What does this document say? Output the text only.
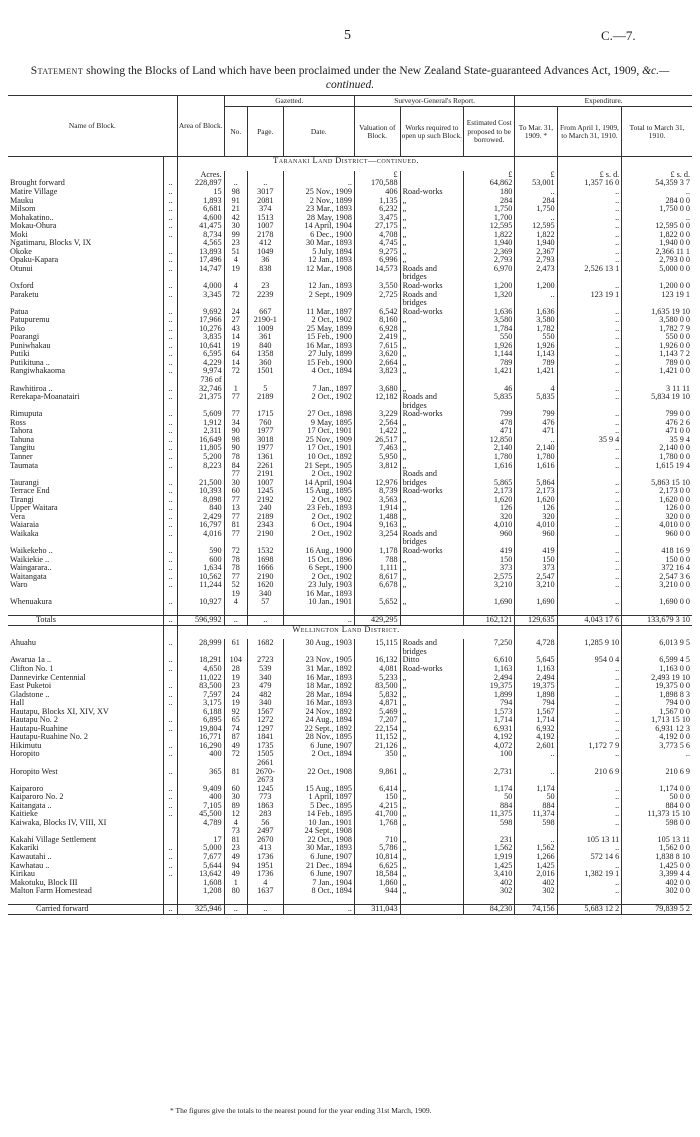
5	C.—7.
Statement showing the Blocks of Land which have been proclaimed under the New Zealand State-guaranteed Advances Act, 1909, &c.—continued.
Name of Block.		Area of Block.	Gazetted.			Surveyor-General's Report.			Expenditure.		
			No.	Page.	Date.	Valuation of Block.	Works required to open up such Block.	Estimated Cost proposed to be borrowed.	To Mar. 31, 1909. *	From April 1, 1909, to March 31, 1910.	Total to March 31, 1910.
		Taranaki Land District—continued.									
		Acres.				£		£	£	£ s. d.	£ s. d.
Brought forward	..	228,897	..	..	..	170,588		64,862	53,001	1,357 16 0	54,359 3 7
Matire Village	..	15	98	3017	25 Nov., 1909	406	Road-works	180	..	..	..
Mauku	..	1,893	91	2081	2 Nov., 1899	1,135	„	284	284	..	284 0 0
Milsom	..	6,681	21	374	23 Mar., 1893	6,232	„	1,750	1,750	..	1,750 0 0
Mohakatino..	..	4,600	42	1513	28 May, 1908	3,475	„	1,700	..	..	..
Mokau-Ohura	..	41,475	30	1007	14 April, 1904	27,175	„	12,595	12,595	..	12,595 0 0
Moki	..	8,734	99	2178	6 Dec., 1900	4,708	„	1,822	1,822	..	1,822 0 0
Ngatimaru, Blocks V, IX		4,565	23	412	30 Mar., 1893	4,745	„	1,940	1,940	..	1,940 0 0
Okoke	..	13,893	51	1049	5 July, 1894	9,275	„	2,369	2,367	..	2,366 11 1
Opaku-Kapara	..	17,496	4	36	12 Jan., 1893	6,996	„	2,793	2,793	..	2,793 0 0
Otunui	..	14,747	19	838	12 Mar., 1908	14,573	Roads and	6,970	2,473	2,526 13 1	5,000 0 0
							bridges				
Oxford	..	4,000	4	23	12 Jan., 1893	3,550	Road-works	1,200	1,200	..	1,200 0 0
Paraketu	..	3,345	72	2239	2 Sept., 1909	2,725	Roads and	1,320	..	123 19 1	123 19 1
							bridges				
Patua	..	9,692	24	667	11 Mar., 1897	6,542	Road-works	1,636	1,636	..	1,635 19 10
Patupuremu	..	17,966	27	2190-1	2 Oct., 1902	8,160	„	3,580	3,580	..	3,580 0 0
Piko	..	10,276	43	1009	25 May, 1899	6,928	„	1,784	1,782	..	1,782 7 9
Poarangi	..	3,835	14	361	15 Feb., 1900	2,419	„	550	550	..	550 0 0
Puniwhakau	..	10,641	19	840	16 Mar., 1893	7,615	„	1,926	1,926	..	1,926 0 0
Putiki	..	6,595	64	1358	27 July, 1899	3,620	„	1,144	1,143	..	1,143 7 2
Putikituna ..	..	4,229	14	360	15 Feb., 1900	2,664	„	789	789	..	789 0 0
Rangiwhakaoma	..	9,974	72	1501	4 Oct., 1894	3,823	„	1,421	1,421	..	1,421 0 0
		736 of									
Rawhitiroa ..	..	32,746	1	5	7 Jan., 1897	3,680	„	46	4	..	3 11 11
Rerekapa-Moanatairi	..	21,375	77	2189	2 Oct., 1902	12,182	Roads and	5,835	5,835	..	5,834 19 10
							bridges				
Rimuputa	..	5,609	77	1715	27 Oct., 1898	3,229	Road-works	799	799	..	799 0 0
Ross	..	1,912	34	760	9 May, 1895	2,564	„	478	476	..	476 2 6
Tahora	..	2,311	90	1977	17 Oct., 1901	1,422	„	471	471	..	471 0 0
Tahuna	..	16,649	98	3018	25 Nov., 1909	26,517	„	12,850	..	35 9 4	35 9 4
Tangitu	..	11,805	90	1977	17 Oct., 1901	7,463	„	2,140	2,140	..	2,140 0 0
Tanner	..	5,200	78	1361	10 Oct., 1892	5,950	„	1,780	1,780	..	1,780 0 0
Taumata	..	8,223	84	2261	21 Sept., 1905	3,812	„	1,616	1,616	..	1,615 19 4
			77	2191	2 Oct., 1902		Roads and				
Taurangi	..	21,500	30	1007	14 April, 1904	12,976	bridges	5,865	5,864	..	5,863 15 10
Terrace End	..	10,393	60	1245	15 Aug., 1895	8,739	Road-works	2,173	2,173	..	2,173 0 0
Tirangi	..	8,098	77	2192	2 Oct., 1902	3,563	„	1,620	1,620	..	1,620 0 0
Upper Waitara	..	840	13	240	23 Feb., 1893	1,914	„	126	126	..	126 0 0
Vera	..	2,429	77	2189	2 Oct., 1902	1,488	„	320	320	..	320 0 0
Waiaraia	..	16,797	81	2343	6 Oct., 1904	9,163	„	4,010	4,010	..	4,010 0 0
Waikaka	..	4,016	77	2190	2 Oct., 1902	3,254	Roads and	960	960	..	960 0 0
							bridges				
Waikekeho ..	..	590	72	1532	16 Aug., 1900	1,178	Road-works	419	419	..	418 16 9
Waikiekie ..	..	600	78	1698	15 Oct., 1896	788	„	150	150	..	150 0 0
Waingarara..	..	1,634	78	1666	6 Sept., 1900	1,111	„	373	373	..	372 16 4
Waitangata	..	10,562	77	2190	2 Oct., 1902	8,617	„	2,575	2,547	..	2,547 3 6
Waro	..	11,244	52	1620	23 July, 1903	6,678	„	3,210	3,210	..	3,210 0 0
			19	340	16 Mar., 1893						
Whenuakura	..	10,927	4	57	10 Jan., 1901	5,652	„	1,690	1,690	..	1,690 0 0

Totals	..	596,992	..	..	..	429,295		162,121	129,635	4,043 17 6	133,679 3 10
		Wellington Land District.									
Ahuahu	..	28,999	61	1682	30 Aug., 1903	15,115	Roads and	7,250	4,728	1,285 9 10	6,013 9 5
							bridges				
Awarua 1a ..	..	18,291	104	2723	23 Nov., 1905	16,132	Ditto	6,610	5,645	954 0 4	6,599 4 5
Clifton No. 1	..	4,650	28	539	31 Mar., 1892	4,081	Road-works	1,163	1,163	..	1,163 0 0
Dannevirke Centennial		11,022	19	340	16 Mar., 1893	5,233	„	2,494	2,494	..	2,493 19 10
East Puketoi	..	83,500	23	479	18 Mar., 1892	83,500	„	19,375	19,375	..	19,375 0 0
Gladstone ..	..	7,597	24	482	28 Mar., 1894	5,832	„	1,899	1,898	..	1,898 8 3
Hall	..	3,175	19	340	16 Mar., 1893	4,871	„	794	794	..	794 0 0
Hautapu, Blocks XI, XIV, XV		6,188	92	1567	24 Nov., 1892	5,469	„	1,573	1,567	..	1,567 0 0
Hautapu No. 2	..	6,895	65	1272	24 Aug., 1894	7,207	„	1,714	1,714	..	1,713 15 10
Hautapu-Ruahine	..	19,804	74	1297	22 Sept., 1892	22,154	„	6,931	6,932	..	6,931 12 3
Hautapu-Ruahine No. 2		16,771	87	1841	28 Nov., 1895	11,152	„	4,192	4,192	..	4,192 0 0
Hikimutu	..	16,290	49	1735	6 June, 1907	21,126	„	4,072	2,601	1,172 7 9	3,773 5 6
Horopito	..	400	72	1505	2 Oct., 1894	350	„	100	..	..	..
				2661							
Horopito West	..	365	81	2670-	22 Oct., 1908	9,861	„	2,731	..	210 6 9	210 6 9
				2673							
Kaiparoro	..	9,409	60	1245	15 Aug., 1895	6,414	„	1,174	1,174	..	1,174 0 0
Kaiparoro No. 2	..	400	30	773	1 April, 1897	150	„	50	50	..	50 0 0
Kaitangata ..	..	7,105	89	1863	5 Dec., 1895	4,215	„	884	884	..	884 0 0
Kaitieke	..	45,500	12	283	14 Feb., 1895	41,700	„	11,375	11,374	..	11,373 15 10
Kaiwaka, Blocks IV, VIII, XI		4,789	4	56	10 Jan., 1901	1,768	„	598	598	..	598 0 0
			73	2497	24 Sept., 1908						
Kakahi Village Settlement		17	81	2670	22 Oct., 1908	710	„	231	..	105 13 11	105 13 11
Kakariki	..	5,000	23	413	30 Mar., 1893	5,786	„	1,562	1,562	..	1,562 0 0
Kawautahi ..	..	7,677	49	1736	6 June, 1907	10,814	„	1,919	1,266	572 14 6	1,838 8 10
Kawhatau ..	..	5,644	94	1951	21 Dec., 1894	6,625	„	1,425	1,425	..	1,425 0 0
Kirikau	..	13,642	49	1736	6 June, 1907	18,584	„	3,410	2,016	1,382 19 1	3,399 4 4
Makotuku, Block III		1,608	1	4	7 Jan., 1904	1,860	„	402	402	..	402 0 0
Malton Farm Homestead		1,208	80	1637	8 Oct., 1894	944	„	302	302	..	302 0 0

Carried forward	..	325,946	..	..	..	311,043		84,230	74,156	5,683 12 2	79,839 5 2
* The figures give the totals to the nearest pound for the year ending 31st March, 1909.
